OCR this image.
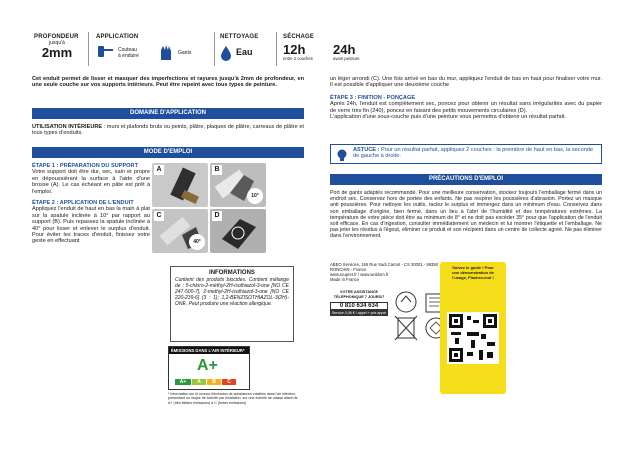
PROFONDEUR
jusqu'à
2mm
APPLICATION
Couteau
à enduire	Gants
NETTOYAGE
Eau
SÉCHAGE
12h
entre 2 couches
24h
avant peinture
Cet enduit permet de lisser et masquer des imperfections et rayures jusqu'à 2mm de profondeur, en une seule couche sur vos supports intérieurs. Peut être repeint avec tous types de peinture.
DOMAINE D'APPLICATION
UTILISATION INTÉRIEURE : murs et plafonds bruts ou peints, plâtre, plaques de plâtre, carreaux de plâtre et tous types d'enduits.
MODE D'EMPLOI
ÉTAPE 1 : PRÉPARATION DU SUPPORT
Votre support doit être dur, sec, sain et propre en dépoussiérant la surface à l'aide d'une brosse (A). Le cas échéant en pâte est prêt à l'emploi.
ÉTAPE 2 : APPLICATION DE L'ENDUIT
Appliquez l'enduit de haut en bas la main à plat sur la spatule inclinée à 10° par rapport au support (B). Puis repassez la spatule inclinée à 40° pour lisser et enlever le surplus d'enduit. Pour éviter les traces d'enduit, finissez votre geste en effectuant
A	B
10°
C
40°
D
INFORMATIONS
Contient des produits biocides. Contient mélange de : 5-chloro-2-méthyl-2H-isothiazol-3-one [NO CE 247-500-7], 2-methyl-2H-isothiazol-3-one [NO CE 220-239-6] (3 : 1); 1,2-BENZISOTHIAZOL-3(2H)-ONE. Peut produire une réaction allergique.
ÉMISSIONS DANS L'AIR INTÉRIEUR*
A+
A+	A	B	C
* Information sur le niveau d'émission de substances volatiles dans l'air intérieur, présentant un risque de toxicité par inhalation, sur une échelle de classe allant de A+ (très faibles émissions) à C (fortes émissions)
un léger arrondi (C). Une fois arrivé en bas du mur, appliquez l'enduit de bas en haut pour finaliser votre mur. Il est possible d'appliquer une deuxième couche
ÉTAPE 3 : FINITION - PONÇAGE
Après 24h, l'enduit est complètement sec, poncez pour obtenir un résultat sans irrégularités avec du papier de verre très fin (240), poncez en faisant des petits mouvements circulaires (D).
L'application d'une sous-couche puis d'une peinture vous permettra d'obtenir un résultat parfait.
ASTUCE : Pour un résultat parfait, appliquez 2 couches : la première de haut en bas, la seconde de gauche à droite.
PRÉCAUTIONS D'EMPLOI
Port de gants adaptés recommandé. Pour une meilleure conservation, stockez toujours l'emballage fermé dans un endroit sec. Conservez hors de portée des enfants. Ne pas respirer les poussières d'abrasion. Portez un masque anti poussières. Pour nettoyer les outils, raclez le surplus et immergez dans un minimum d'eau. Conservez dans son emballage d'origine, bien fermé, dans un lieu à l'abri de l'humidité et des températures extrêmes. La température de votre pièce doit être au minimum de 8° et ne doit pas excéder 35° pour que l'application de l'enduit soit efficace. En cas d'ingestion, consulter immédiatement un médecin et lui montrer l'étiquette et l'emballage. Ne pas jeter les résidus à l'égout, éliminer ce produit et son récipient dans un centre de collecte agréé. Ne pas éliminer dans l'environnement.
ABEO Services, 155 Rue Sadi Carnot - CS 30001 - 59350 RONCHIN - France
www.toupret.fr / www.woldom.fr
Made in France
VOTRE ASSISTANCE TÉLÉPHONIQUE 7 JOURS/7
0 810 634 634
Service 0,06 € / appel + prix appel
Suivez le guide ! Pour une démonstration de l'usage, Flashez-moi !
